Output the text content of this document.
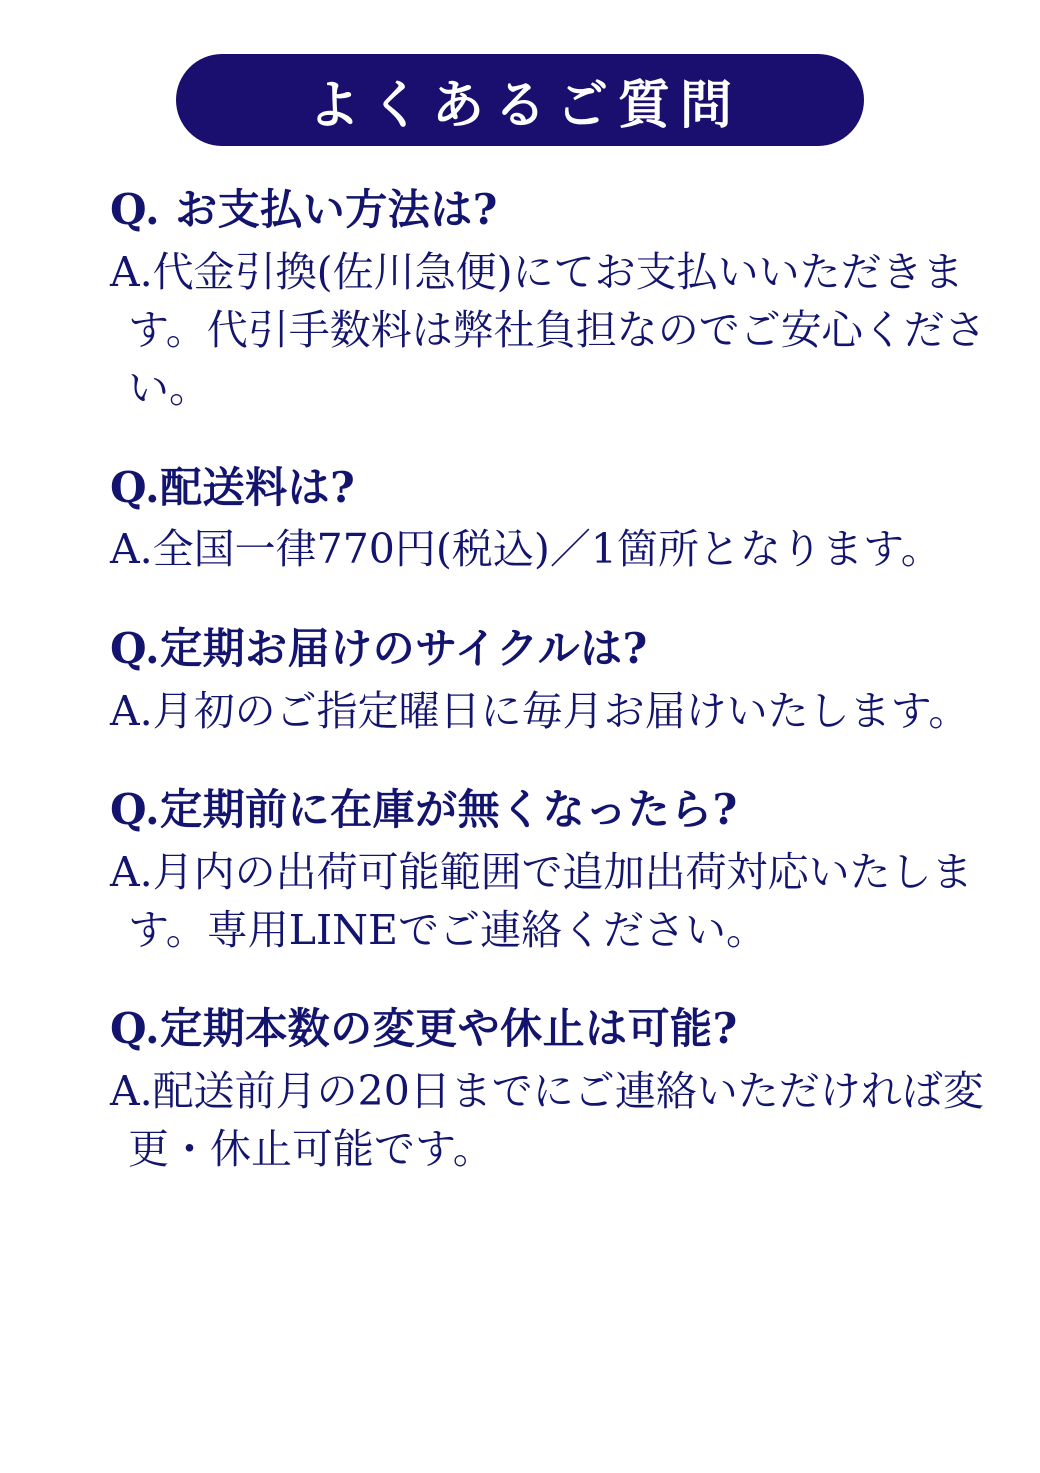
よくあるご質問
Q. お支払い方法は?
A.代金引換(佐川急便)にてお支払いいただきます。代引手数料は弊社負担なのでご安心ください。
Q.配送料は?
A.全国一律770円(税込)／1箇所となります。
Q.定期お届けのサイクルは?
A.月初のご指定曜日に毎月お届けいたします。
Q.定期前に在庫が無くなったら?
A.月内の出荷可能範囲で追加出荷対応いたします。専用LINEでご連絡ください。
Q.定期本数の変更や休止は可能?
A.配送前月の20日までにご連絡いただければ変更・休止可能です。
